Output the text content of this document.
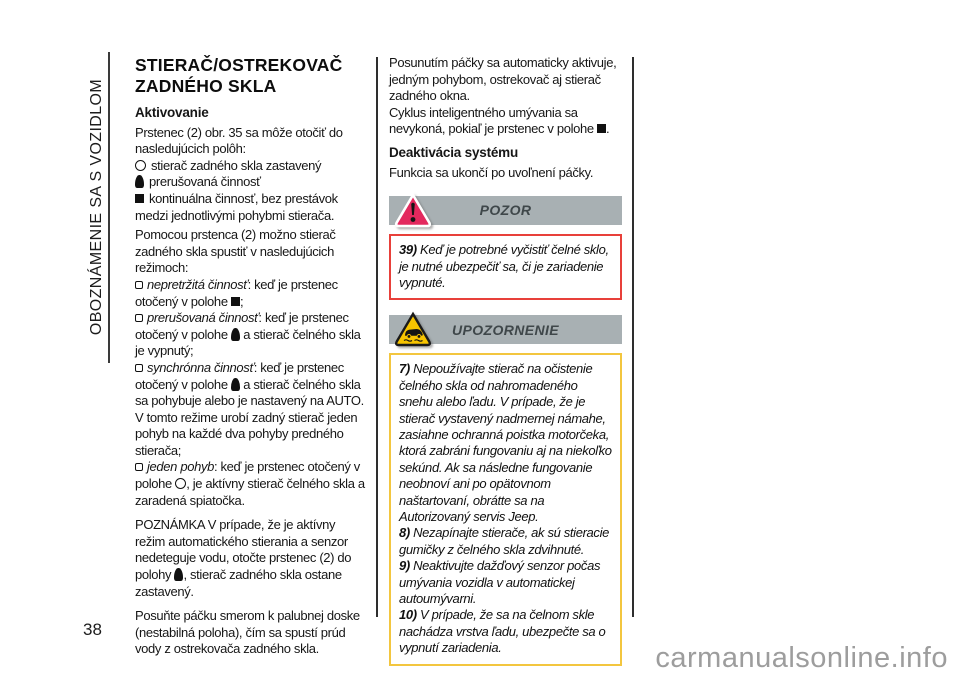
OBOZNÁMENIE SA S VOZIDLOM
38
STIERAČ/OSTREKOVAČ ZADNÉHO SKLA
Aktivovanie

Prstenec (2) obr. 35 sa môže otočiť do nasledujúcich polôh:

stierač zadného skla zastavený
prerušovaná činnosť
kontinuálna činnosť, bez prestávok medzi jednotlivými pohybmi stierača.

Pomocou prstenca (2) možno stierač zadného skla spustiť v nasledujúcich režimoch:

nepretržitá činnosť: keď je prstenec otočený v polohe ;
prerušovaná činnosť: keď je prstenec otočený v polohe  a stierač čelného skla je vypnutý;
synchrónna činnosť: keď je prstenec otočený v polohe  a stierač čelného skla sa pohybuje alebo je nastavený na AUTO. V tomto režime urobí zadný stierač jeden pohyb na každé dva pohyby predného stierača;
jeden pohyb: keď je prstenec otočený v polohe , je aktívny stierač čelného skla a zaradená spiatočka.

POZNÁMKA V prípade, že je aktívny režim automatického stierania a senzor nedeteguje vodu, otočte prstenec (2) do polohy , stierač zadného skla ostane zastavený.

Posuňte páčku smerom k palubnej doske (nestabilná poloha), čím sa spustí prúd vody z ostrekovača zadného skla.

Posunutím páčky sa automaticky aktivuje, jedným pohybom, ostrekovač aj stierač zadného okna.

Cyklus inteligentného umývania sa nevykoná, pokiaľ je prstenec v polohe .

Deaktivácia systému

Funkcia sa ukončí po uvoľnení páčky.

POZOR
39) Keď je potrebné vyčistiť čelné sklo, je nutné ubezpečiť sa, či je zariadenie vypnuté.
UPOZORNENIE
7) Nepoužívajte stierač na očistenie čelného skla od nahromadeného snehu alebo ľadu. V prípade, že je stierač vystavený nadmernej námahe, zasiahne ochranná poistka motorčeka, ktorá zabráni fungovaniu aj na niekoľko sekúnd. Ak sa následne fungovanie neobnoví ani po opätovnom naštartovaní, obrátte sa na Autorizovaný servis Jeep.
8) Nezapínajte stierače, ak sú stieracie gumičky z čelného skla zdvihnuté.
9) Neaktivujte dažďový senzor počas umývania vozidla v automatickej autoumývarni.
10) V prípade, že sa na čelnom skle nachádza vrstva ľadu, ubezpečte sa o vypnutí zariadenia.	carmanualsonline.info
